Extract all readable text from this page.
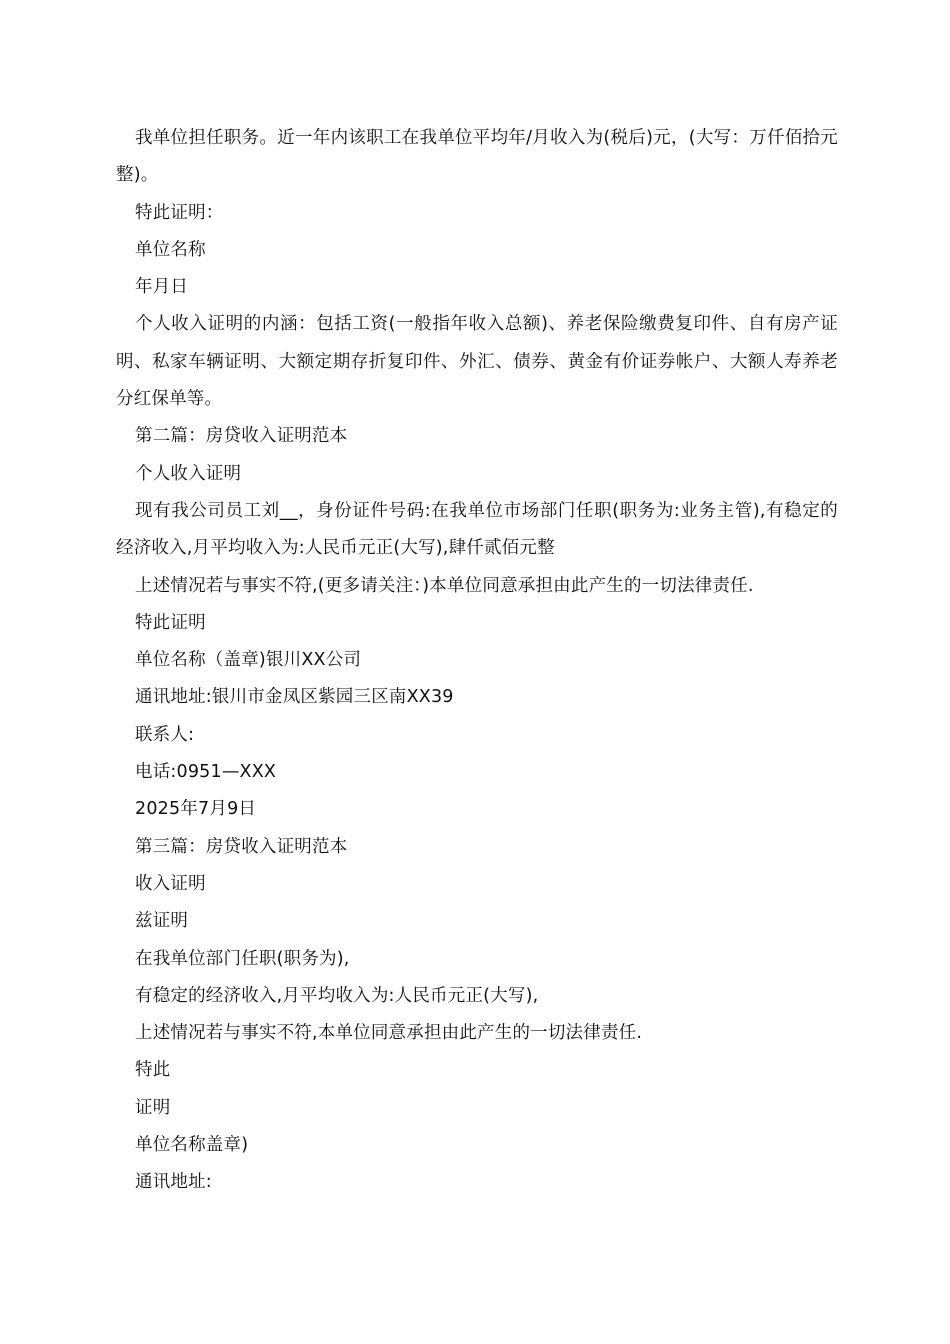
我单位担任职务。近一年内该职工在我单位平均年/月收入为(税后)元，(大写：万仟佰拾元整)。

特此证明：

单位名称

年月日

个人收入证明的内涵：包括工资(一般指年收入总额)、养老保险缴费复印件、自有房产证明、私家车辆证明、大额定期存折复印件、外汇、债券、黄金有价证券帐户、大额人寿养老分红保单等。

第二篇：房贷收入证明范本

个人收入证明

现有我公司员工刘__，身份证件号码:在我单位市场部门任职(职务为:业务主管),有稳定的经济收入,月平均收入为:人民币元正(大写),肆仟贰佰元整

上述情况若与事实不符,(更多请关注：)本单位同意承担由此产生的一切法律责任.

特此证明

单位名称（盖章)银川XX公司

通讯地址:银川市金凤区紫园三区南XX39

联系人:

电话:0951—XXX

2025年7月9日

第三篇：房贷收入证明范本

收入证明

兹证明

在我单位部门任职(职务为),

有稳定的经济收入,月平均收入为:人民币元正(大写),

上述情况若与事实不符,本单位同意承担由此产生的一切法律责任.

特此

证明

单位名称盖章)

通讯地址:
